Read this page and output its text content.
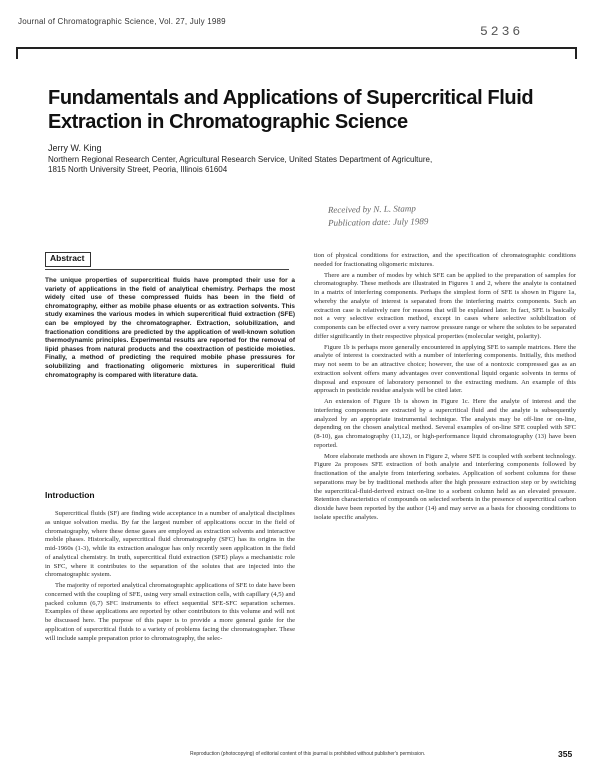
Journal of Chromatographic Science, Vol. 27, July 1989
5236
Fundamentals and Applications of Supercritical Fluid
Extraction in Chromatographic Science
Jerry W. King
Northern Regional Research Center, Agricultural Research Service, United States Department of Agriculture,
1815 North University Street, Peoria, Illinois 61604
Received by N. L. Stamp
Publication date: July 1989
Abstract
The unique properties of supercritical fluids have prompted their use for a variety of applications in the field of analytical chemistry. Perhaps the most widely cited use of these compressed fluids has been in the field of chromatography, either as mobile phase eluents or as extraction solvents. This study examines the various modes in which supercritical fluid extraction (SFE) can be employed by the chromatographer. Extraction, solubilization, and fractionation conditions are predicted by the application of well-known solution thermodynamic principles. Experimental results are reported for the removal of lipid phases from natural products and the coextraction of pesticide moieties. Finally, a method of predicting the required mobile phase pressures for solubilizing and fractionating oligomeric mixtures in supercritical fluid chromatography is compared with literature data.
Introduction

Supercritical fluids (SF) are finding wide acceptance in a number of analytical disciplines as unique solvation media. By far the largest number of applications occur in the field of chromatography, where these dense gases are employed as extraction solvents and interactive mobile phases. Historically, supercritical fluid chromatography (SFC) has its origins in the mid-1960s (1-3), while its extraction analogue has only recently seen application in the field of analytical chemistry. In truth, supercritical fluid extraction (SFE) plays a mechanistic role in SFC, where it contributes to the separation of the solutes that are injected into the chromatographic system.

The majority of reported analytical chromatographic applications of SFE to date have been concerned with the coupling of SFE, using very small extraction cells, with capillary (4,5) and packed column (6,7) SFC instruments to effect sequential SFE-SFC separation schemes. Examples of these applications are reported by other contributors to this volume and will not be discussed here. The purpose of this paper is to provide a more general guide for the application of supercritical fluids to a variety of problems facing the chromatographer. These will include sample preparation prior to chromatography, the selec-

tion of physical conditions for extraction, and the specification of chromatographic conditions needed for fractionating oligomeric mixtures.

There are a number of modes by which SFE can be applied to the preparation of samples for chromatography. These methods are illustrated in Figures 1 and 2, where the analyte is contained in a matrix of interfering components. Perhaps the simplest form of SFE is shown in Figure 1a, whereby the analyte of interest is separated from the interfering matrix components. Such an extraction case is relatively rare for reasons that will be explained later. In fact, SFE is basically not a very selective extraction method, except in cases where selective solubilization of components can be effected over a very narrow pressure range or where the solutes to be separated differ significantly in their respective physical properties (molecular weight, polarity).

Figure 1b is perhaps more generally encountered in applying SFE to sample matrices. Here the analyte of interest is coextracted with a number of interfering components. Initially, this method may not seem to be an attractive choice; however, the use of a nontoxic compressed gas as an extraction solvent offers many advantages over conventional liquid organic solvents in terms of disposal and exposure of laboratory personnel to the extracting medium. An example of this approach in pesticide residue analysis will be cited later.

An extension of Figure 1b is shown in Figure 1c. Here the analyte of interest and the interfering components are extracted by a supercritical fluid and the analyte is subsequently analyzed by an appropriate instrumental technique. The analysis may be off-line or on-line, depending on the chosen analytical method. Several examples of on-line SFE coupled with SFC (8-10), gas chromatography (11,12), or high-performance liquid chromatography (13) have been reported.

More elaborate methods are shown in Figure 2, where SFE is coupled with sorbent technology. Figure 2a proposes SFE extraction of both analyte and interfering components followed by fractionation of the analyte from interfering sorbates. Application of sorbent columns for these separations may be by traditional methods after the high pressure extraction step or by switching the supercritical-fluid-derived extract on-line to a sorbent column held as an elevated pressure. Retention characteristics of compounds on selected sorbents in the presence of supercritical carbon dioxide have been reported by the author (14) and may serve as a basis for choosing conditions to isolate specific analytes.

Reproduction (photocopying) of editorial content of this journal is prohibited without publisher's permission.	355
